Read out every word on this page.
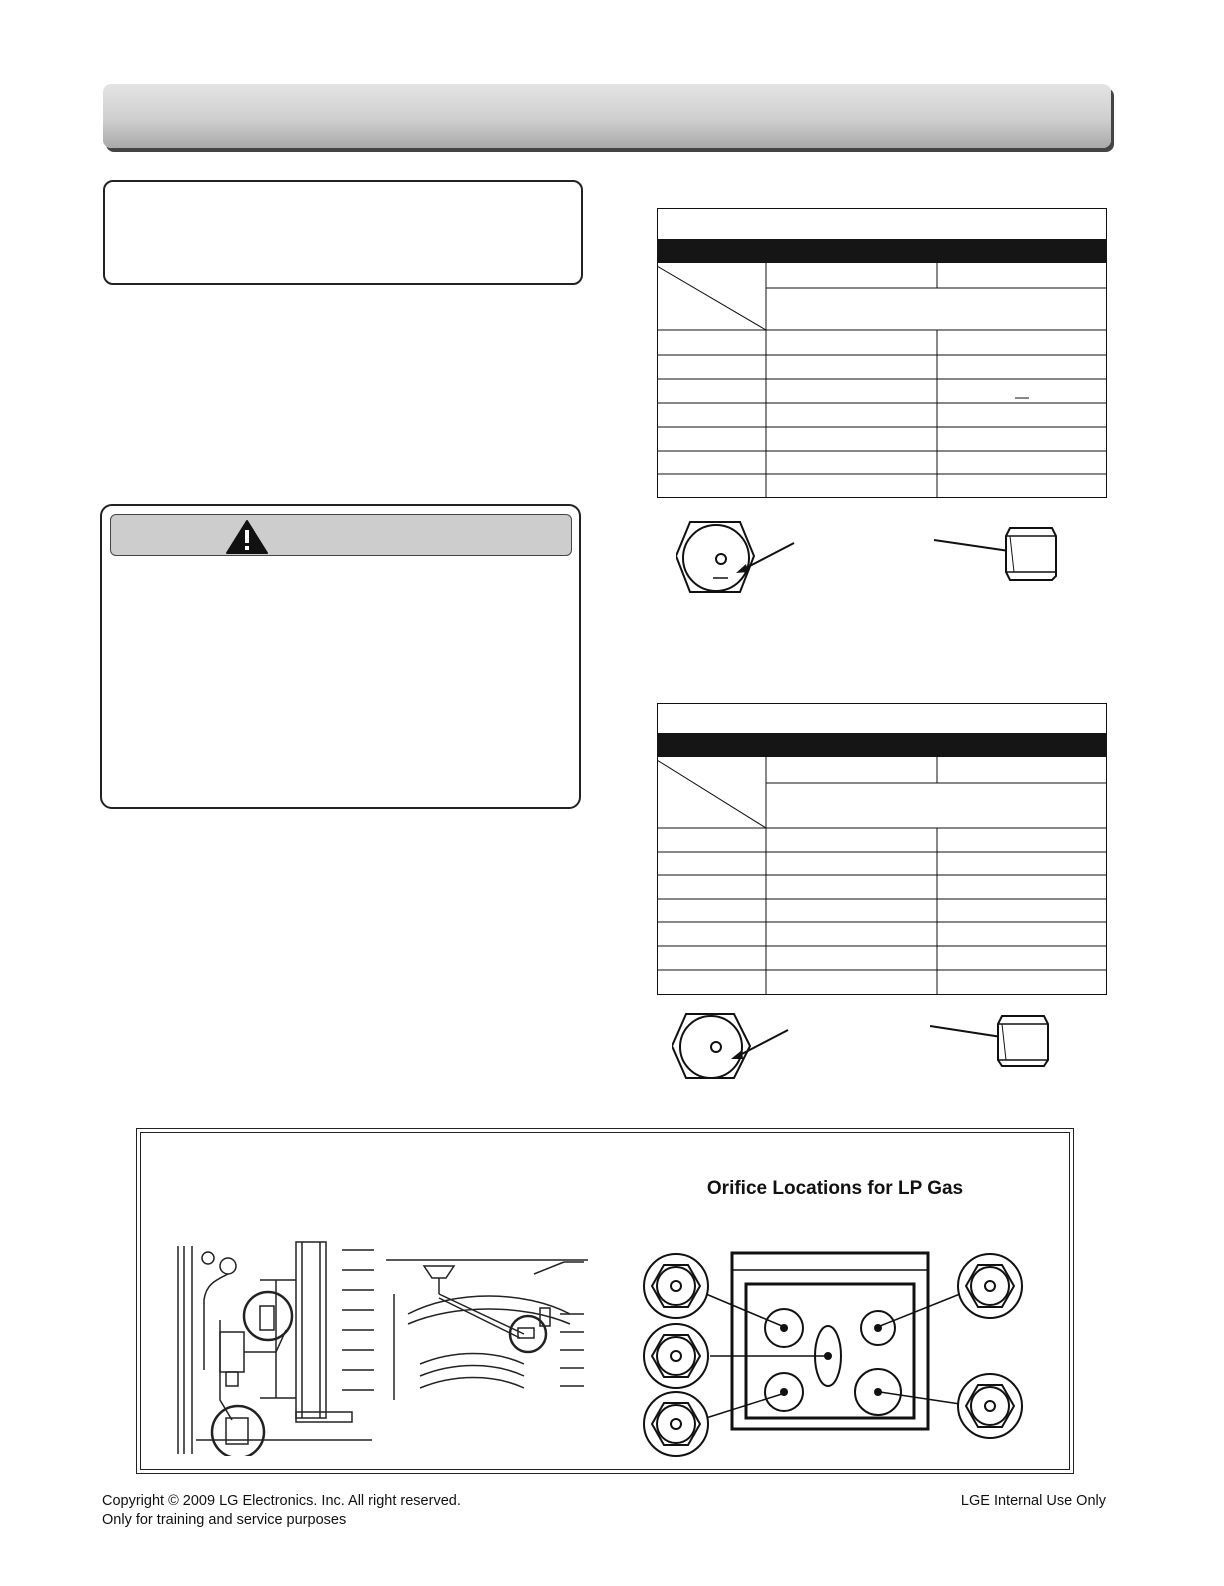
Orifice Locations for LP Gas
Copyright © 2009 LG Electronics. Inc. All right reserved.
Only for training and service purposes
LGE Internal Use Only
